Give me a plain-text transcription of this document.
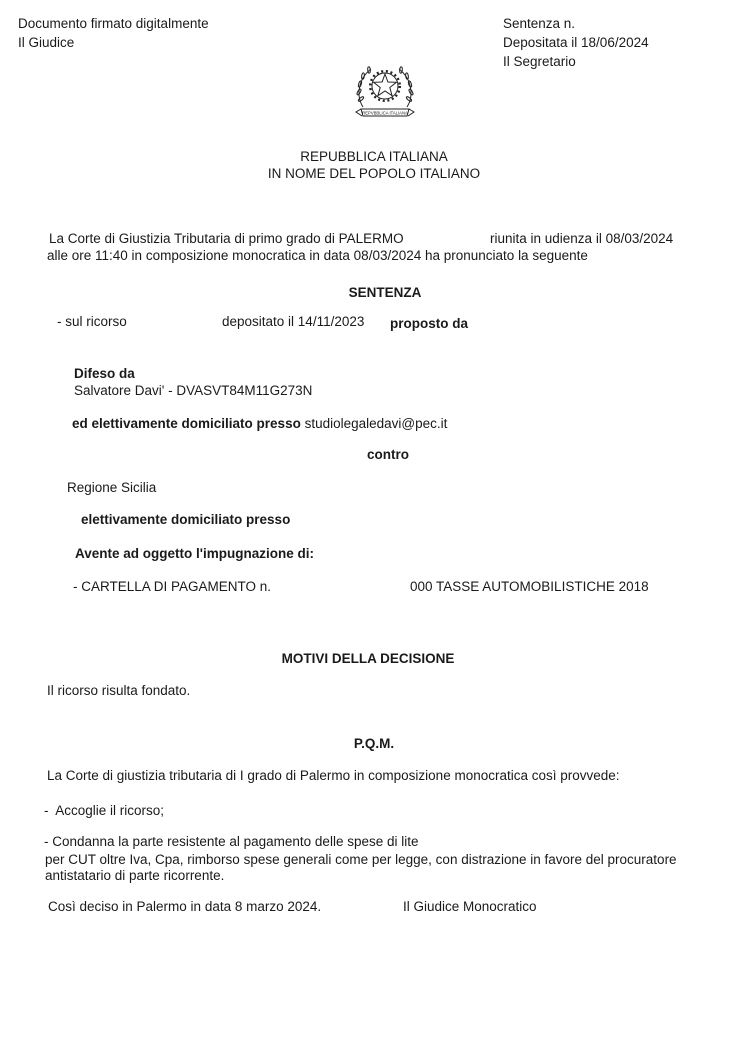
Documento firmato digitalmente
Il Giudice
Sentenza n.
Depositata il 18/06/2024
Il Segretario
REPVBBLICA ITALIANA
REPUBBLICA ITALIANA
IN NOME DEL POPOLO ITALIANO
La Corte di Giustizia Tributaria di primo grado di PALERMO	riunita in udienza il 08/03/2024
alle ore 11:40 in composizione monocratica in data 08/03/2024 ha pronunciato la seguente
SENTENZA
- sul ricorso	depositato il 14/11/2023 proposto da
Difeso da
Salvatore Davi' - DVASVT84M11G273N
ed elettivamente domiciliato presso studiolegaledavi@pec.it
contro
Regione Sicilia
elettivamente domiciliato presso
Avente ad oggetto l'impugnazione di:
- CARTELLA DI PAGAMENTO n.	000 TASSE AUTOMOBILISTICHE 2018
MOTIVI DELLA DECISIONE
Il ricorso risulta fondato.
P.Q.M.
La Corte di giustizia tributaria di I grado di Palermo in composizione monocratica così provvede:
-  Accoglie il ricorso;
- Condanna la parte resistente al pagamento delle spese di lite
per CUT oltre Iva, Cpa, rimborso spese generali come per legge, con distrazione in favore del procuratore
antistatario di parte ricorrente.
Così deciso in Palermo in data 8 marzo 2024.	Il Giudice Monocratico
